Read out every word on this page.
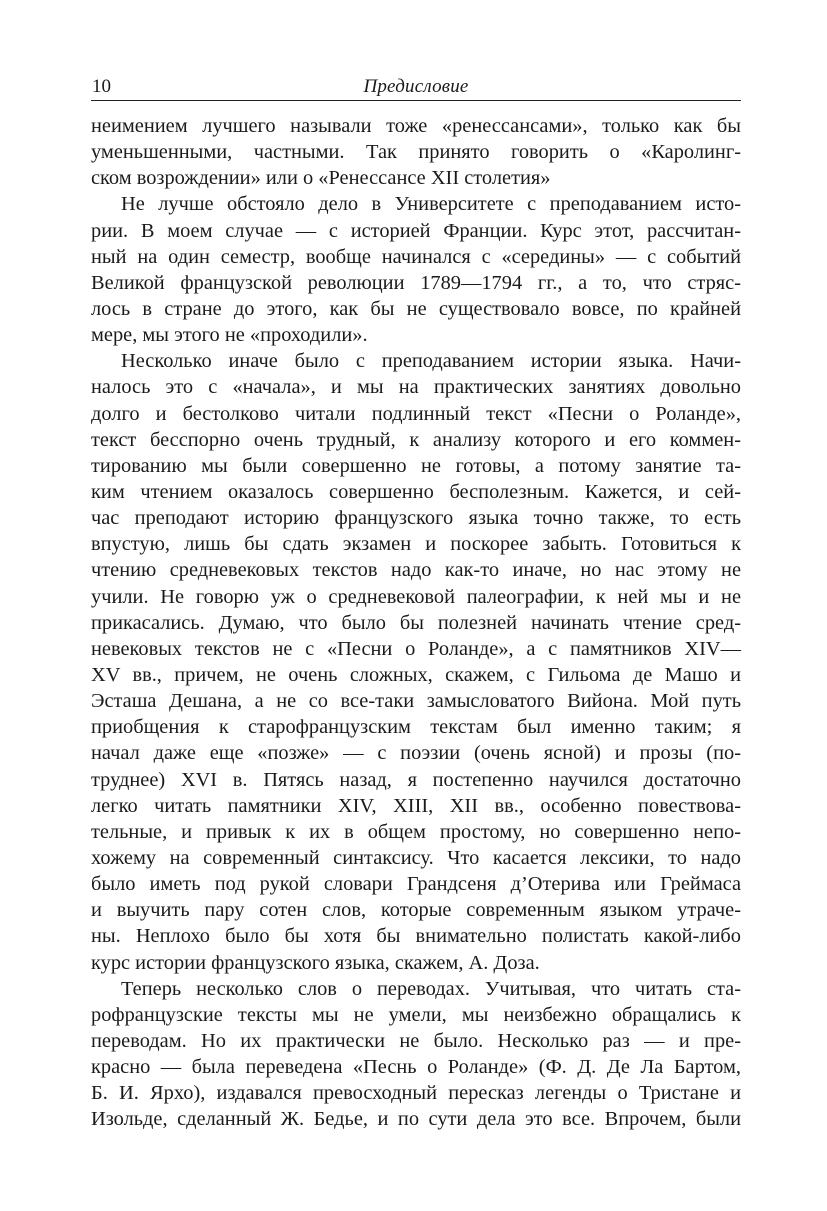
10	Предисловие
неимением лучшего называли тоже «ренессансами», только как бы
уменьшенными, частными. Так принято говорить о «Каролинг-
ском возрождении» или о «Ренессансе XII столетия»
Не лучше обстояло дело в Университете с преподаванием исто-
рии. В моем случае — с историей Франции. Курс этот, рассчитан-
ный на один семестр, вообще начинался с «середины» — с событий
Великой французской революции 1789—1794 гг., а то, что стряс-
лось в стране до этого, как бы не существовало вовсе, по крайней
мере, мы этого не «проходили».
Несколько иначе было с преподаванием истории языка. Начи-
налось это с «начала», и мы на практических занятиях довольно
долго и бестолково читали подлинный текст «Песни о Роланде»,
текст бесспорно очень трудный, к анализу которого и его коммен-
тированию мы были совершенно не готовы, а потому занятие та-
ким чтением оказалось совершенно бесполезным. Кажется, и сей-
час преподают историю французского языка точно также, то есть
впустую, лишь бы сдать экзамен и поскорее забыть. Готовиться к
чтению средневековых текстов надо как-то иначе, но нас этому не
учили. Не говорю уж о средневековой палеографии, к ней мы и не
прикасались. Думаю, что было бы полезней начинать чтение сред-
невековых текстов не с «Песни о Роланде», а с памятников XIV—
XV вв., причем, не очень сложных, скажем, с Гильома де Машо и
Эсташа Дешана, а не со все-таки замысловатого Вийона. Мой путь
приобщения к старофранцузским текстам был именно таким; я
начал даже еще «позже» — с поэзии (очень ясной) и прозы (по-
труднее) XVI в. Пятясь назад, я постепенно научился достаточно
легко читать памятники XIV, XIII, XII вв., особенно повествова-
тельные, и привык к их в общем простому, но совершенно непо-
хожему на современный синтаксису. Что касается лексики, то надо
было иметь под рукой словари Грандсеня д’Отерива или Греймаса
и выучить пару сотен слов, которые современным языком утраче-
ны. Неплохо было бы хотя бы внимательно полистать какой-либо
курс истории французского языка, скажем, А. Доза.
Теперь несколько слов о переводах. Учитывая, что читать ста-
рофранцузские тексты мы не умели, мы неизбежно обращались к
переводам. Но их практически не было. Несколько раз — и пре-
красно — была переведена «Песнь о Роланде» (Ф. Д. Де Ла Бартом,
Б. И. Ярхо), издавался превосходный пересказ легенды о Тристане и
Изольде, сделанный Ж. Бедье, и по сути дела это все. Впрочем, были
